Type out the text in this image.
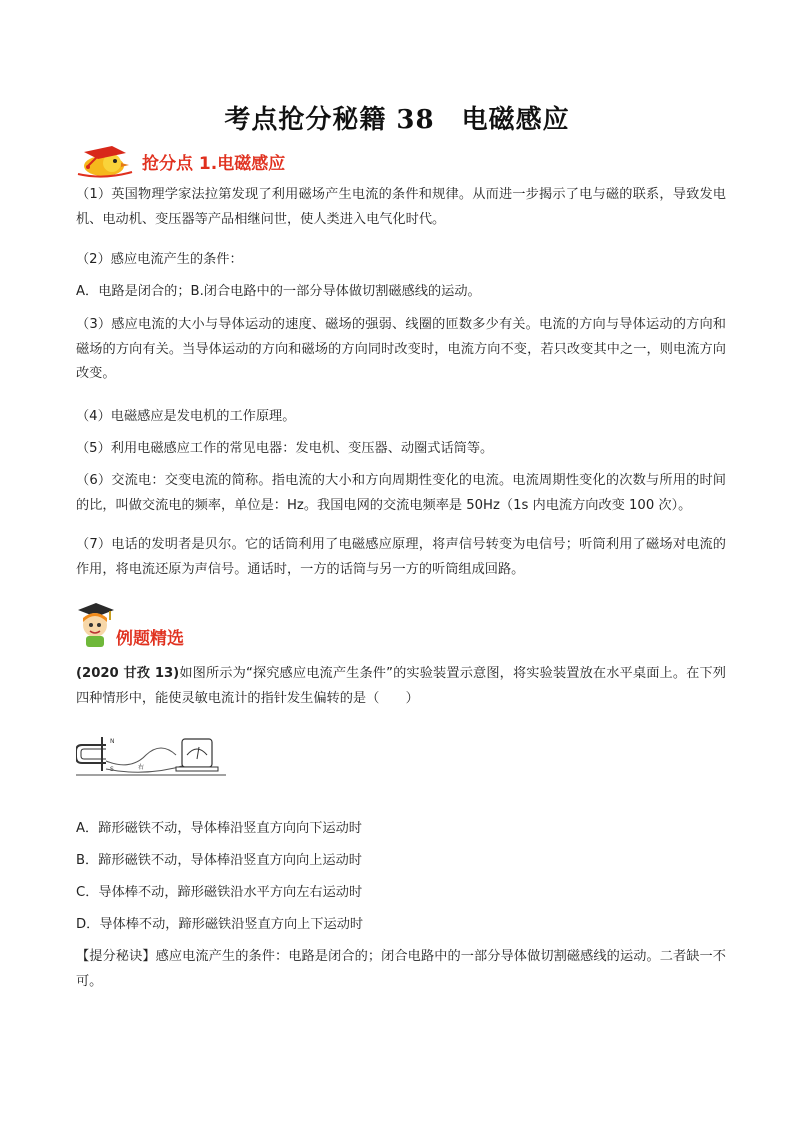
考点抢分秘籍 38　电磁感应
抢分点 1.电磁感应

（1）英国物理学家法拉第发现了利用磁场产生电流的条件和规律。从而进一步揭示了电与磁的联系，导致发电机、电动机、变压器等产品相继问世，使人类进入电气化时代。

（2）感应电流产生的条件：

A．电路是闭合的；B.闭合电路中的一部分导体做切割磁感线的运动。

（3）感应电流的大小与导体运动的速度、磁场的强弱、线圈的匝数多少有关。电流的方向与导体运动的方向和磁场的方向有关。当导体运动的方向和磁场的方向同时改变时，电流方向不变，若只改变其中之一，则电流方向改变。

（4）电磁感应是发电机的工作原理。

（5）利用电磁感应工作的常见电器：发电机、变压器、动圈式话筒等。

（6）交流电：交变电流的简称。指电流的大小和方向周期性变化的电流。电流周期性变化的次数与所用的时间的比，叫做交流电的频率，单位是：Hz。我国电网的交流电频率是 50Hz（1s 内电流方向改变 100 次）。

（7）电话的发明者是贝尔。它的话筒利用了电磁感应原理，将声信号转变为电信号；听筒利用了磁场对电流的作用，将电流还原为声信号。通话时，一方的话筒与另一方的听筒组成回路。

例题精选

(2020 甘孜 13)如图所示为“探究感应电流产生条件”的实验装置示意图，将实验装置放在水平桌面上。在下列四种情形中，能使灵敏电流计的指针发生偏转的是（　　）

N
S	右

A．蹄形磁铁不动，导体棒沿竖直方向向下运动时

B．蹄形磁铁不动，导体棒沿竖直方向向上运动时

C．导体棒不动，蹄形磁铁沿水平方向左右运动时

D．导体棒不动，蹄形磁铁沿竖直方向上下运动时

【提分秘诀】感应电流产生的条件：电路是闭合的；闭合电路中的一部分导体做切割磁感线的运动。二者缺一不可。
